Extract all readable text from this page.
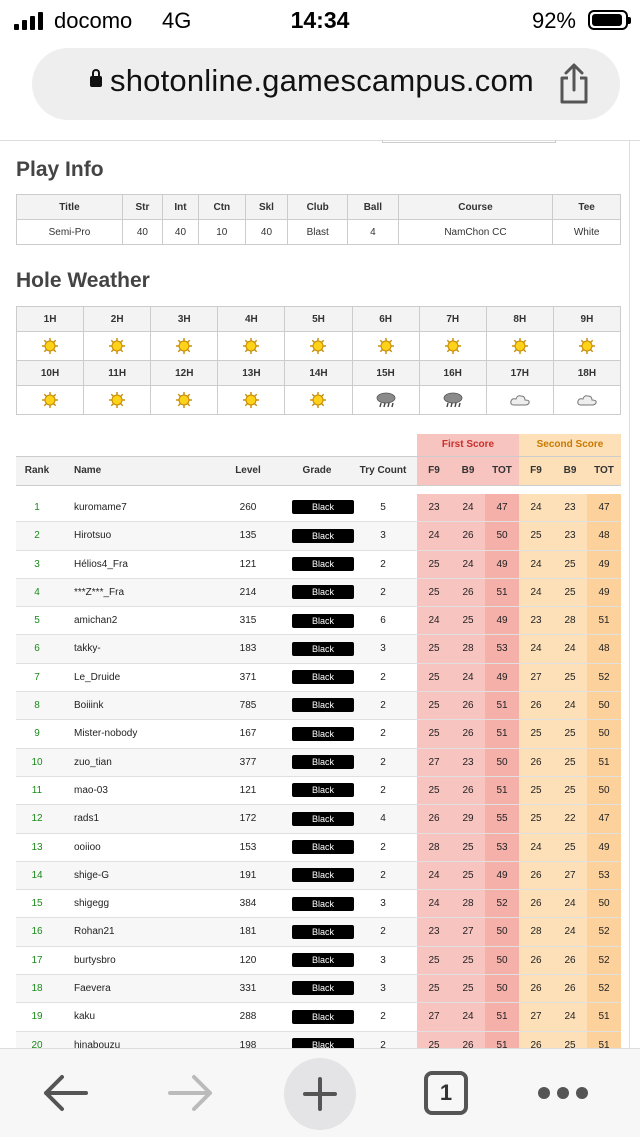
docomo 4G	14:34	92%
shotonline.gamescampus.com
Play Info
Title	Str	Int	Ctn	Skl	Club	Ball	Course	Tee
Semi-Pro	40	40	10	40	Blast	4	NamChon CC	White
Hole Weather
1H	2H	3H	4H	5H	6H	7H	8H	9H

10H	11H	12H	13H	14H	15H	16H	17H	18H

First Score	Second Score
Rank	Name	Level	Grade	Try Count	F9	B9	TOT	F9	B9	TOT
1	kuromame7	260	Black	5	23	24	47	24	23	47
2	Hirotsuo	135	Black	3	24	26	50	25	23	48
3	Hélios4_Fra	121	Black	2	25	24	49	24	25	49
4	***Z***_Fra	214	Black	2	25	26	51	24	25	49
5	amichan2	315	Black	6	24	25	49	23	28	51
6	takky-	183	Black	3	25	28	53	24	24	48
7	Le_Druide	371	Black	2	25	24	49	27	25	52
8	Boiiink	785	Black	2	25	26	51	26	24	50
9	Mister-nobody	167	Black	2	25	26	51	25	25	50
10	zuo_tian	377	Black	2	27	23	50	26	25	51
11	mao-03	121	Black	2	25	26	51	25	25	50
12	rads1	172	Black	4	26	29	55	25	22	47
13	ooiioo	153	Black	2	28	25	53	24	25	49
14	shige-G	191	Black	2	24	25	49	26	27	53
15	shigegg	384	Black	3	24	28	52	26	24	50
16	Rohan21	181	Black	2	23	27	50	28	24	52
17	burtysbro	120	Black	3	25	25	50	26	26	52
18	Faevera	331	Black	3	25	25	50	26	26	52
19	kaku	288	Black	2	27	24	51	27	24	51
20	hinabouzu	198	Black	2	25	26	51	26	25	51
1
